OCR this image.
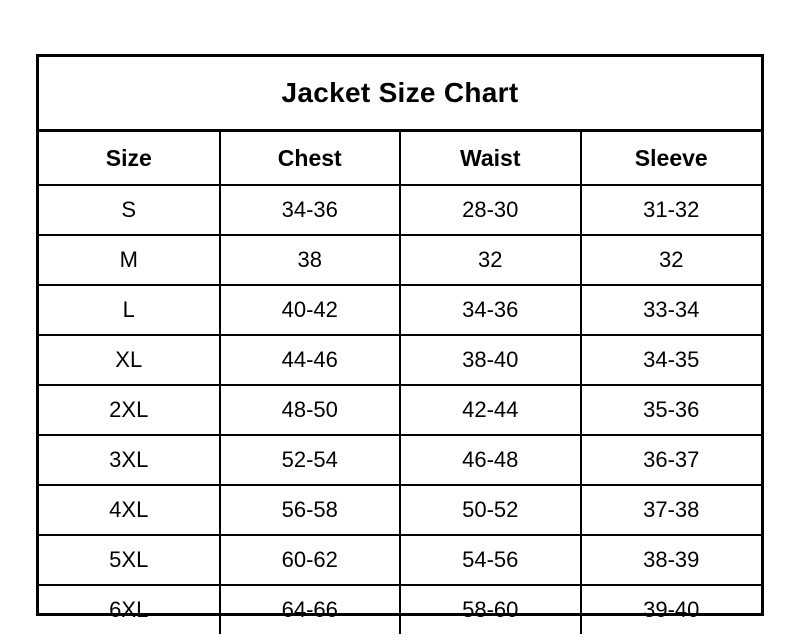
Jacket Size Chart			
Size	Chest	Waist	Sleeve
S	34-36	28-30	31-32
M	38	32	32
L	40-42	34-36	33-34
XL	44-46	38-40	34-35
2XL	48-50	42-44	35-36
3XL	52-54	46-48	36-37
4XL	56-58	50-52	37-38
5XL	60-62	54-56	38-39
6XL	64-66	58-60	39-40
